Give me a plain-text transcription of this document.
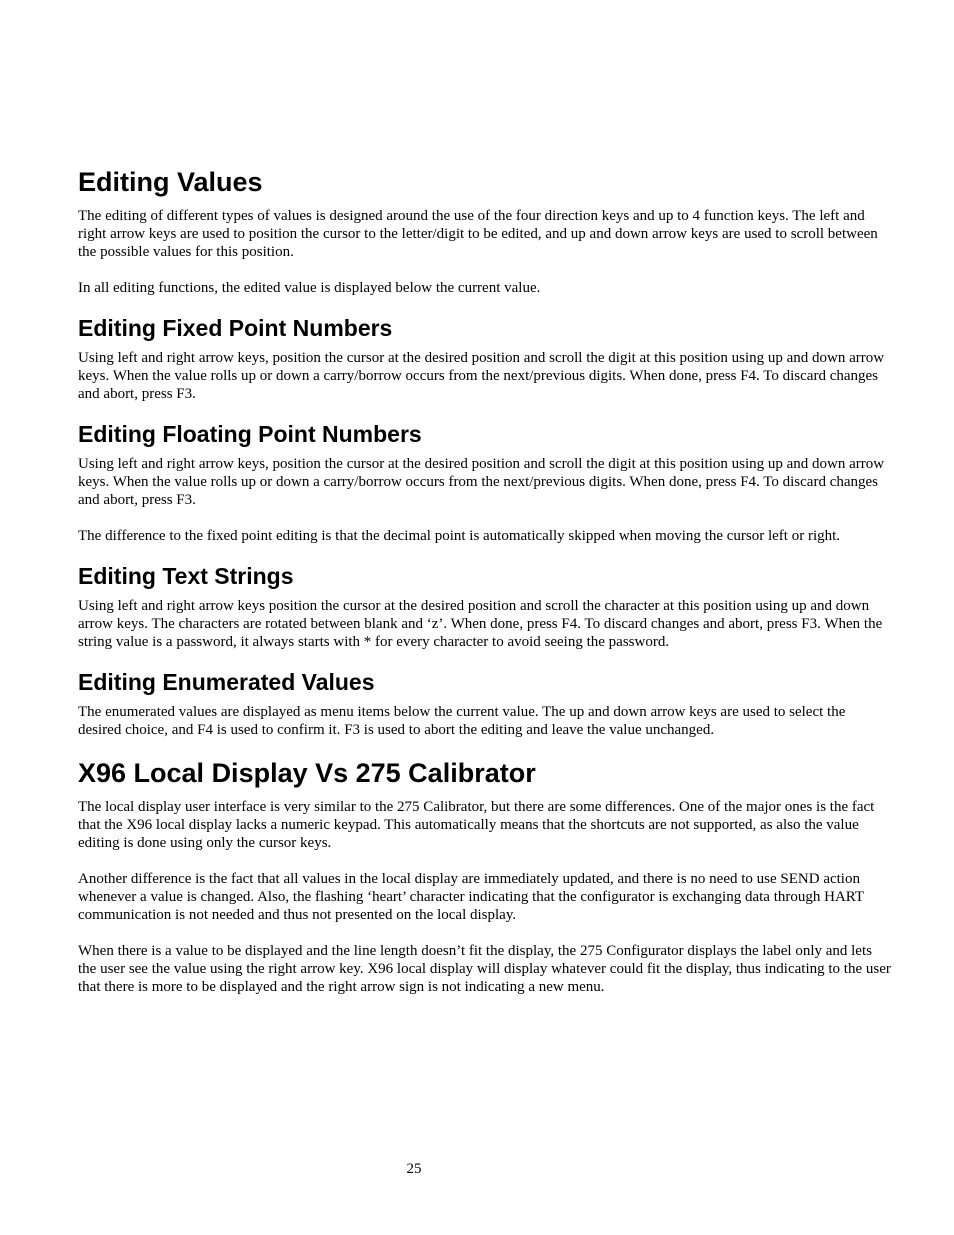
Editing Values

The editing of different types of values is designed around the use of the four direction keys and up to 4 function keys. The left and right arrow keys are used to position the cursor to the letter/digit to be edited, and up and down arrow keys are used to scroll between the possible values for this position.

In all editing functions, the edited value is displayed below the current value.

Editing Fixed Point Numbers

Using left and right arrow keys, position the cursor at the desired position and scroll the digit at this position using up and down arrow keys. When the value rolls up or down a carry/borrow occurs from the next/previous digits. When done, press F4. To discard changes and abort, press F3.

Editing Floating Point Numbers

Using left and right arrow keys, position the cursor at the desired position and scroll the digit at this position using up and down arrow keys. When the value rolls up or down a carry/borrow occurs from the next/previous digits. When done, press F4. To discard changes and abort, press F3.

The difference to the fixed point editing is that the decimal point is automatically skipped when moving the cursor left or right.

Editing Text Strings

Using left and right arrow keys position the cursor at the desired position and scroll the character at this position using up and down arrow keys. The characters are rotated between blank and ‘z’. When done, press F4. To discard changes and abort, press F3. When the string value is a password, it always starts with * for every character to avoid seeing the password.

Editing Enumerated Values

The enumerated values are displayed as menu items below the current value. The up and down arrow keys are used to select the desired choice, and F4 is used to confirm it. F3 is used to abort the editing and leave the value unchanged.

X96 Local Display Vs 275 Calibrator

The local display user interface is very similar to the 275 Calibrator, but there are some differences. One of the major ones is the fact that the X96 local display lacks a numeric keypad. This automatically means that the shortcuts are not supported, as also the value editing is done using only the cursor keys.

Another difference is the fact that all values in the local display are immediately updated, and there is no need to use SEND action whenever a value is changed. Also, the flashing ‘heart’ character indicating that the configurator is exchanging data through HART communication is not needed and thus not presented on the local display.

When there is a value to be displayed and the line length doesn’t fit the display, the 275 Configurator displays the label only and lets the user see the value using the right arrow key. X96 local display will display whatever could fit the display, thus indicating to the user that there is more to be displayed and the right arrow sign is not indicating a new menu.

25
